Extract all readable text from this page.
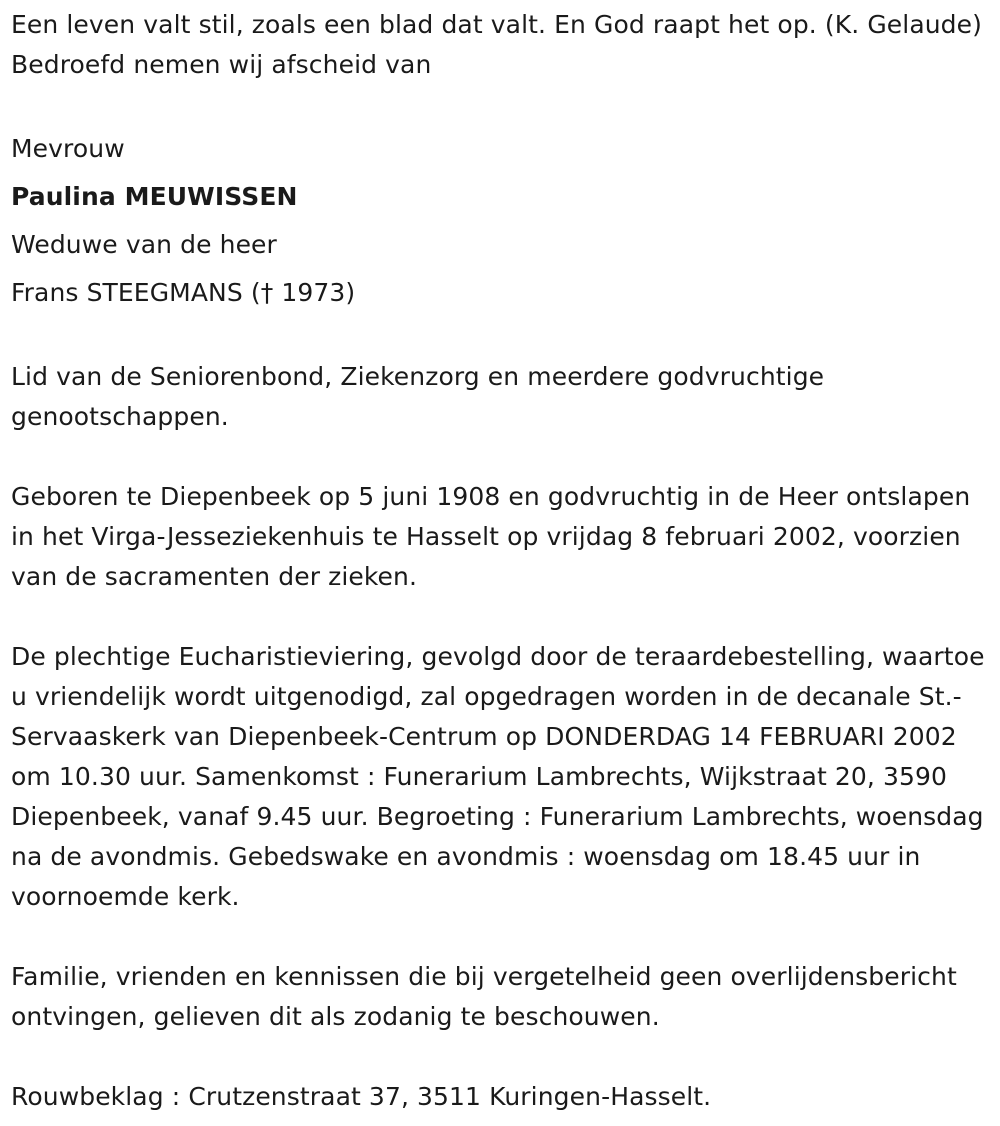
Een leven valt stil, zoals een blad dat valt. En God raapt het op. (K. Gelaude) Bedroefd nemen wij afscheid van

Mevrouw

Paulina MEUWISSEN

Weduwe van de heer

Frans STEEGMANS († 1973)

Lid van de Seniorenbond, Ziekenzorg en meerdere godvruchtige genootschappen.

Geboren te Diepenbeek op 5 juni 1908 en godvruchtig in de Heer ontslapen in het Virga-Jesseziekenhuis te Hasselt op vrijdag 8 februari 2002, voorzien van de sacramenten der zieken.

De plechtige Eucharistieviering, gevolgd door de teraardebestelling, waartoe u vriendelijk wordt uitgenodigd, zal opgedragen worden in de decanale St.-Servaaskerk van Diepenbeek-Centrum op DONDERDAG 14 FEBRUARI 2002 om 10.30 uur. Samenkomst : Funerarium Lambrechts, Wijkstraat 20, 3590 Diepenbeek, vanaf 9.45 uur. Begroeting : Funerarium Lambrechts, woensdag na de avondmis. Gebedswake en avondmis : woensdag om 18.45 uur in voornoemde kerk.

Familie, vrienden en kennissen die bij vergetelheid geen overlijdensbericht ontvingen, gelieven dit als zodanig te beschouwen.

Rouwbeklag : Crutzenstraat 37, 3511 Kuringen-Hasselt.
